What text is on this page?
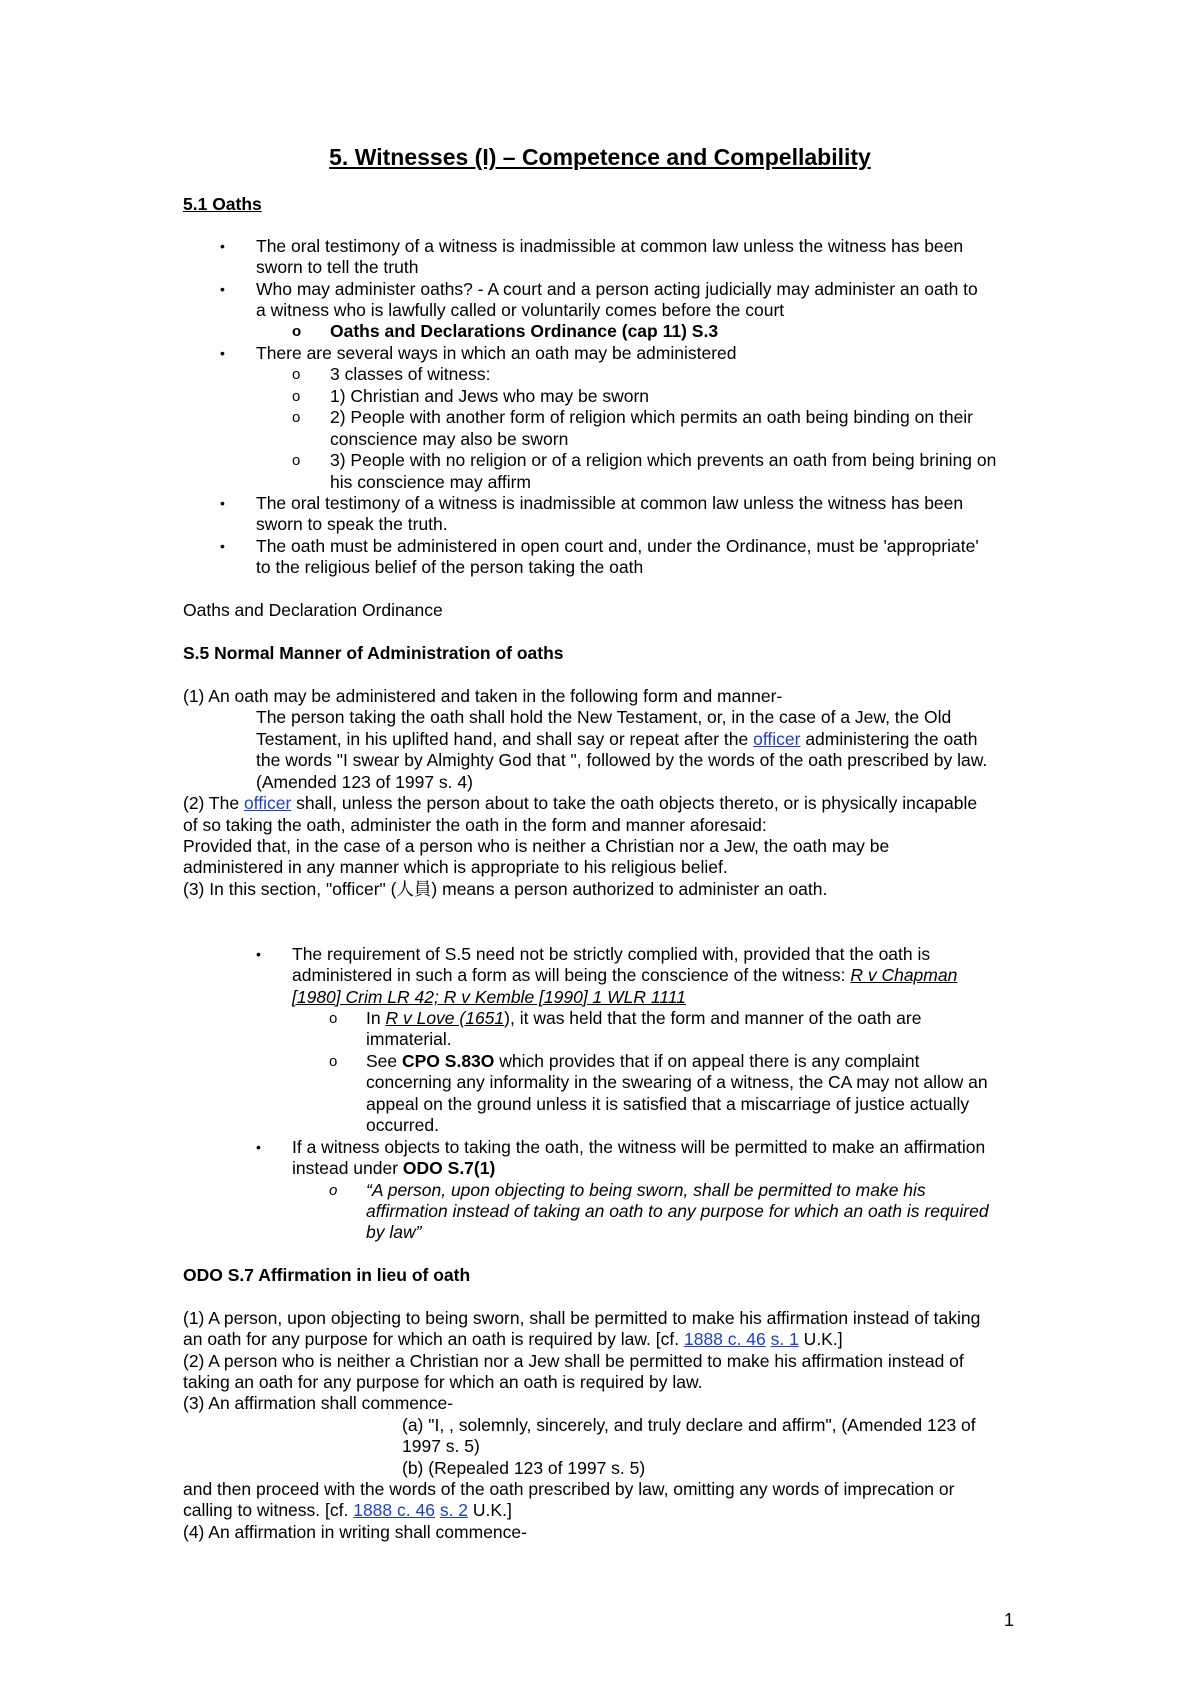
5. Witnesses (I) – Competence and Compellability
5.1 Oaths
• The oral testimony of a witness is inadmissible at common law unless the witness has been
sworn to tell the truth
• Who may administer oaths? - A court and a person acting judicially may administer an oath to
a witness who is lawfully called or voluntarily comes before the court
o Oaths and Declarations Ordinance (cap 11) S.3
• There are several ways in which an oath may be administered
o 3 classes of witness:
o 1) Christian and Jews who may be sworn
o 2) People with another form of religion which permits an oath being binding on their
conscience may also be sworn
o 3) People with no religion or of a religion which prevents an oath from being brining on
his conscience may affirm
• The oral testimony of a witness is inadmissible at common law unless the witness has been
sworn to speak the truth.
• The oath must be administered in open court and, under the Ordinance, must be 'appropriate'
to the religious belief of the person taking the oath
Oaths and Declaration Ordinance
S.5 Normal Manner of Administration of oaths
(1) An oath may be administered and taken in the following form and manner-
The person taking the oath shall hold the New Testament, or, in the case of a Jew, the Old
Testament, in his uplifted hand, and shall say or repeat after the officer administering the oath
the words "I swear by Almighty God that ", followed by the words of the oath prescribed by law.
(Amended 123 of 1997 s. 4)
(2) The officer shall, unless the person about to take the oath objects thereto, or is physically incapable
of so taking the oath, administer the oath in the form and manner aforesaid:
Provided that, in the case of a person who is neither a Christian nor a Jew, the oath may be
administered in any manner which is appropriate to his religious belief.
(3) In this section, "officer" (人員) means a person authorized to administer an oath.
• The requirement of S.5 need not be strictly complied with, provided that the oath is
administered in such a form as will being the conscience of the witness: R v Chapman
[1980] Crim LR 42; R v Kemble [1990] 1 WLR 1111
o In R v Love (1651), it was held that the form and manner of the oath are
immaterial.
o See CPO S.83O which provides that if on appeal there is any complaint
concerning any informality in the swearing of a witness, the CA may not allow an
appeal on the ground unless it is satisfied that a miscarriage of justice actually
occurred.
• If a witness objects to taking the oath, the witness will be permitted to make an affirmation
instead under ODO S.7(1)
o “A person, upon objecting to being sworn, shall be permitted to make his
affirmation instead of taking an oath to any purpose for which an oath is required
by law”
ODO S.7 Affirmation in lieu of oath
(1) A person, upon objecting to being sworn, shall be permitted to make his affirmation instead of taking
an oath for any purpose for which an oath is required by law. [cf. 1888 c. 46 s. 1 U.K.]
(2) A person who is neither a Christian nor a Jew shall be permitted to make his affirmation instead of
taking an oath for any purpose for which an oath is required by law.
(3) An affirmation shall commence-
(a) "I, , solemnly, sincerely, and truly declare and affirm", (Amended 123 of
1997 s. 5)
(b) (Repealed 123 of 1997 s. 5)
and then proceed with the words of the oath prescribed by law, omitting any words of imprecation or
calling to witness. [cf. 1888 c. 46 s. 2 U.K.]
(4) An affirmation in writing shall commence-
1
